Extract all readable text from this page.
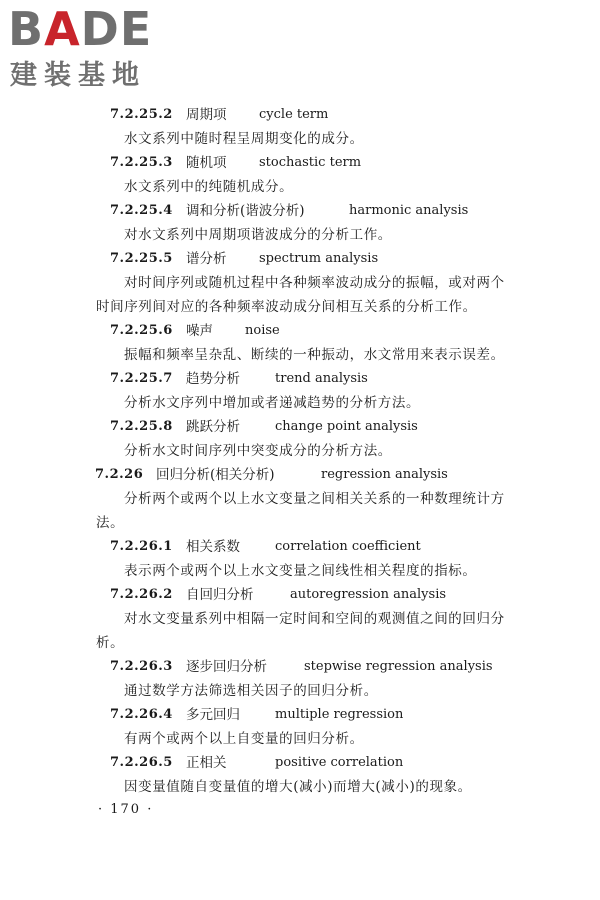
BADE
建装基地
7.2.25.2 周期项	cycle term

水文系列中随时程呈周期变化的成分。

7.2.25.3 随机项	stochastic term

水文系列中的纯随机成分。

7.2.25.4 调和分析(谐波分析)	harmonic analysis

对水文系列中周期项谐波成分的分析工作。

7.2.25.5 谱分析	spectrum analysis

对时间序列或随机过程中各种频率波动成分的振幅，或对两个时间序列间对应的各种频率波动成分间相互关系的分析工作。

7.2.25.6 噪声 noise

振幅和频率呈杂乱、断续的一种振动，水文常用来表示误差。

7.2.25.7 趋势分析	trend analysis

分析水文序列中增加或者递减趋势的分析方法。

7.2.25.8 跳跃分析	change point analysis

分析水文时间序列中突变成分的分析方法。

7.2.26 回归分析(相关分析)	regression analysis

分析两个或两个以上水文变量之间相关关系的一种数理统计方法。

7.2.26.1 相关系数	correlation coefficient

表示两个或两个以上水文变量之间线性相关程度的指标。

7.2.26.2 自回归分析	autoregression analysis

对水文变量系列中相隔一定时间和空间的观测值之间的回归分析。

7.2.26.3 逐步回归分析	stepwise regression analysis

通过数学方法筛选相关因子的回归分析。

7.2.26.4 多元回归	multiple regression

有两个或两个以上自变量的回归分析。

7.2.26.5 正相关	positive correlation

因变量值随自变量值的增大(减小)而增大(减小)的现象。

· 170 ·
